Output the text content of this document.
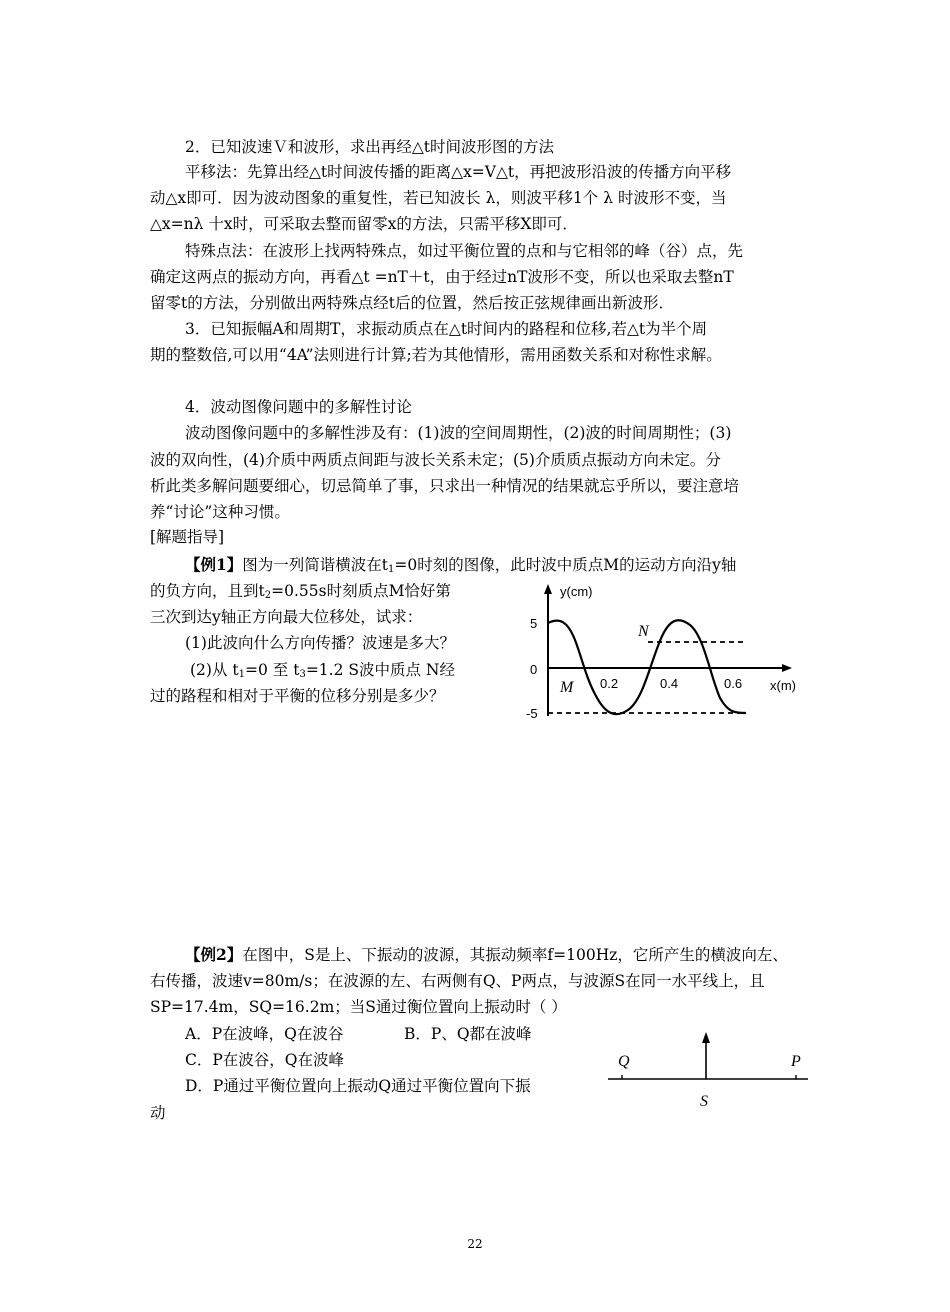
2．已知波速Ｖ和波形，求出再经△t时间波形图的方法
平移法：先算出经△t时间波传播的距离△x=V△t，再把波形沿波的传播方向平移
动△x即可．因为波动图象的重复性，若已知波长 λ，则波平移1个 λ 时波形不变，当
△x=nλ 十x时，可采取去整而留零x的方法，只需平移X即可．
特殊点法：在波形上找两特殊点，如过平衡位置的点和与它相邻的峰（谷）点，先
确定这两点的振动方向，再看△t =nT＋t，由于经过nT波形不变，所以也采取去整nT
留零t的方法，分别做出两特殊点经t后的位置，然后按正弦规律画出新波形．
3．已知振幅A和周期T，求振动质点在△t时间内的路程和位移,若△t为半个周
期的整数倍,可以用“4A”法则进行计算;若为其他情形，需用函数关系和对称性求解。
4．波动图像问题中的多解性讨论
波动图像问题中的多解性涉及有：(1)波的空间周期性，(2)波的时间周期性；(3)
波的双向性，(4)介质中两质点间距与波长关系未定；(5)介质质点振动方向未定。分
析此类多解问题要细心，切忌简单了事，只求出一种情况的结果就忘乎所以，要注意培
养“讨论”这种习惯。
[解题指导]
【例1】图为一列简谐横波在$t_1=0$时刻的图像，此时波中质点M的运动方向沿y轴
的负方向，且到$t_2=0.55s$时刻质点M恰好第
三次到达y轴正方向最大位移处，试求：
(1)此波向什么方向传播？波速是多大？
(2)从 $t_1=0$ 至 $t_3=1.2$ S波中质点 N经
过的路程和相对于平衡的位移分别是多少？
y(cm)
5
0
-5
0.2	0.4	0.6 x(m)
M
N
【例2】在图中，S是上、下振动的波源，其振动频率f=100Hz，它所产生的横波向左、
右传播，波速v=80m/s；在波源的左、右两侧有Q、P两点，与波源S在同一水平线上，且
SP=17.4m，SQ=16.2m；当S通过衡位置向上振动时（ ）
A．P在波峰，Q在波谷	B．P、Q都在波峰
C．P在波谷，Q在波峰
D．P通过平衡位置向上振动Q通过平衡位置向下振
动
Q	P
S
22
